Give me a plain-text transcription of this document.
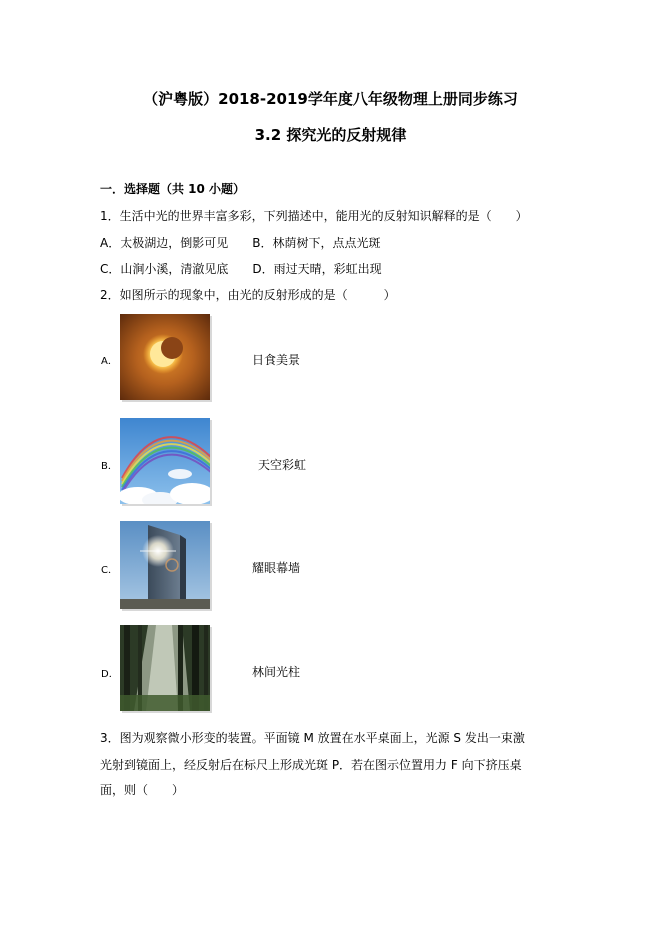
（沪粤版）2018-2019学年度八年级物理上册同步练习
3.2 探究光的反射规律
一．选择题（共 10 小题）
1．生活中光的世界丰富多彩，下列描述中，能用光的反射知识解释的是（　　）
A．太极湖边，倒影可见　　B．林荫树下，点点光斑
C．山涧小溪，清澈见底　　D．雨过天晴，彩虹出现
2．如图所示的现象中，由光的反射形成的是（　　　）
A．	日食美景
B．	天空彩虹
C．	耀眼幕墙
D．	林间光柱
3．图为观察微小形变的装置。平面镜 M 放置在水平桌面上，光源 S 发出一束激
光射到镜面上，经反射后在标尺上形成光斑 P．若在图示位置用力 F 向下挤压桌
面，则（　　）
